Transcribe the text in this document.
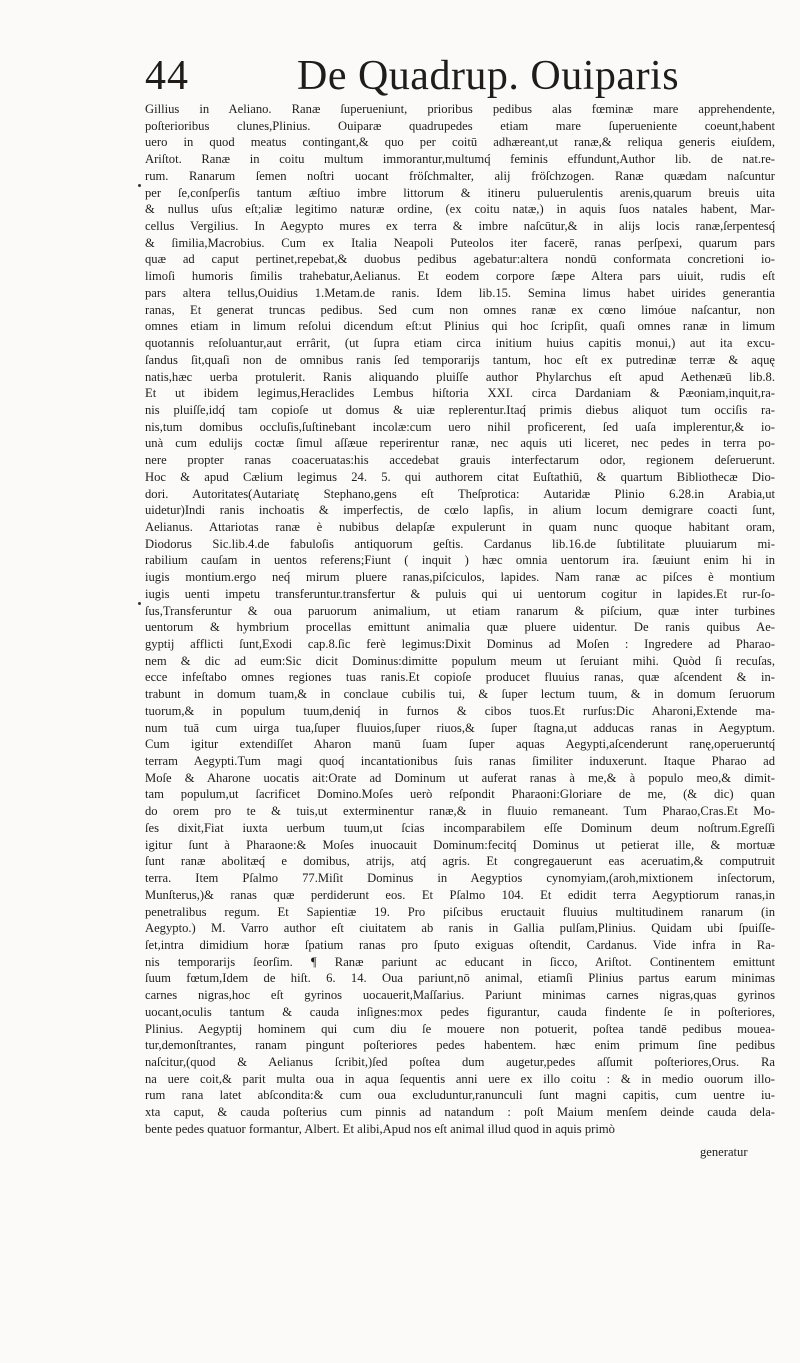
44	De Quadrup. Ouiparis
Gillius in Aeliano. Ranæ ſuperueniunt, prioribus pedibus alas fœminæ mare apprehendente,
poſterioribus clunes,Plinius. Ouiparæ quadrupedes etiam mare ſuperueniente coeunt,habent
uero in quod meatus contingant,& quo per coitū adhæreant,ut ranæ,& reliqua generis eiuſdem,
Ariſtot. Ranæ in coitu multum immorantur,multumq́ feminis effundunt,Author lib. de nat.re-
rum. Ranarum ſemen noſtri uocant fröſchmalter, alij fröſchzogen. Ranæ quædam naſcuntur
per ſe,conſperſis tantum æſtiuo imbre littorum & itineru puluerulentis arenis,quarum breuis uita
& nullus uſus eſt;aliæ legitimo naturæ ordine, (ex coitu natæ,) in aquis ſuos natales habent, Mar-
cellus Vergilius. In Aegypto mures ex terra & imbre naſcūtur,& in alijs locis ranæ,ſerpentesq́
& ſimilia,Macrobius. Cum ex Italia Neapoli Puteolos iter facerē, ranas perſpexi, quarum pars
quæ ad caput pertinet,repebat,& duobus pedibus agebatur:altera nondū conformata concretioni io-
limoſi humoris ſimilis trahebatur,Aelianus. Et eodem corpore ſæpe Altera pars uiuit, rudis eſt
pars altera tellus,Ouidius 1.Metam.de ranis. Idem lib.15. Semina limus habet uirides generantia
ranas, Et generat truncas pedibus. Sed cum non omnes ranæ ex cœno limóue naſcantur, non
omnes etiam in limum reſolui dicendum eſt:ut Plinius qui hoc ſcripſit, quaſi omnes ranæ in limum
quotannis reſoluantur,aut errârit, (ut ſupra etiam circa initium huius capitis monui,) aut ita excu-
ſandus ſit,quaſi non de omnibus ranis ſed temporarijs tantum, hoc eſt ex putredinæ terræ & aquę
natis,hæc uerba protulerit. Ranis aliquando pluiſſe author Phylarchus eſt apud Aethenæū lib.8.
Et ut ibidem legimus,Heraclides Lembus hiſtoria XXI. circa Dardaniam & Pæoniam,inquit,ra-
nis pluiſſe,idq́ tam copioſe ut domus & uiæ replerentur.Itaq́ primis diebus aliquot tum occiſis ra-
nis,tum domibus occluſis,ſuſtinebant incolæ:cum uero nihil proficerent, ſed uaſa implerentur,& io-
unà cum edulijs coctæ ſimul aſſæue reperirentur ranæ, nec aquis uti liceret, nec pedes in terra po-
nere propter ranas coaceruatas:his accedebat grauis interfectarum odor, regionem deſeruerunt.
Hoc & apud Cælium legimus 24. 5. qui authorem citat Euſtathiū, & quartum Bibliothecæ Dio-
dori. Autoritates(Autariatę Stephano,gens eſt Theſprotica: Autaridæ Plinio 6.28.in Arabia,ut
uidetur)Indi ranis inchoatis & imperfectis, de cœlo lapſis, in alium locum demigrare coacti ſunt,
Aelianus. Attariotas ranæ è nubibus delapſæ expulerunt in quam nunc quoque habitant oram,
Diodorus Sic.lib.4.de fabuloſis antiquorum geſtis. Cardanus lib.16.de ſubtilitate pluuiarum mi-
rabilium cauſam in uentos referens;Fiunt ( inquit ) hæc omnia uentorum ira. ſæuiunt enim hi in
iugis montium.ergo neq́ mirum pluere ranas,piſciculos, lapides. Nam ranæ ac piſces è montium
iugis uenti impetu transferuntur.transfertur & puluis qui ui uentorum cogitur in lapides.Et rur-ſo-
ſus,Transferuntur & oua paruorum animalium, ut etiam ranarum & piſcium, quæ inter turbines
uentorum & hymbrium procellas emittunt animalia quæ pluere uidentur. De ranis quibus Ae-
gyptij afflicti ſunt,Exodi cap.8.ſic ferè legimus:Dixit Dominus ad Moſen : Ingredere ad Pharao-
nem & dic ad eum:Sic dicit Dominus:dimitte populum meum ut ſeruiant mihi. Quòd ſi recuſas,
ecce infeſtabo omnes regiones tuas ranis.Et copioſe producet fluuius ranas, quæ aſcendent & in-
trabunt in domum tuam,& in conclaue cubilis tui, & ſuper lectum tuum, & in domum ſeruorum
tuorum,& in populum tuum,deniq́ in furnos & cibos tuos.Et rurſus:Dic Aharoni,Extende ma-
num tuā cum uirga tua,ſuper fluuios,ſuper riuos,& ſuper ſtagna,ut adducas ranas in Aegyptum.
Cum igitur extendiſſet Aharon manū ſuam ſuper aquas Aegypti,aſcenderunt ranę,operueruntq́
terram Aegypti.Tum magi quoq́ incantationibus ſuis ranas ſimiliter induxerunt. Itaque Pharao ad
Moſe & Aharone uocatis ait:Orate ad Dominum ut auferat ranas à me,& à populo meo,& dimit-
tam populum,ut ſacrificet Domino.Moſes uerò reſpondit Pharaoni:Gloriare de me, (& dic) quan
do orem pro te & tuis,ut exterminentur ranæ,& in fluuio remaneant. Tum Pharao,Cras.Et Mo-
ſes dixit,Fiat iuxta uerbum tuum,ut ſcias incomparabilem eſſe Dominum deum noſtrum.Egreſſi
igitur ſunt à Pharaone:& Moſes inuocauit Dominum:fecitq́ Dominus ut petierat ille, & mortuæ
ſunt ranæ abolitæq́ e domibus, atrijs, atq́ agris. Et congregauerunt eas aceruatim,& computruit
terra. Item Pſalmo 77.Miſit Dominus in Aegyptios cynomyiam,(aroh,mixtionem inſectorum,
Munſterus,)& ranas quæ perdiderunt eos. Et Pſalmo 104. Et edidit terra Aegyptiorum ranas,in
penetralibus regum. Et Sapientiæ 19. Pro piſcibus eructauit fluuius multitudinem ranarum (in
Aegypto.) M. Varro author eſt ciuitatem ab ranis in Gallia pulſam,Plinius. Quidam ubi ſpuiſſe-
ſet,intra dimidium horæ ſpatium ranas pro ſputo exiguas oſtendit, Cardanus. Vide infra in Ra-
nis temporarijs ſeorſim. ¶ Ranæ pariunt ac educant in ſicco, Ariſtot. Continentem emittunt
ſuum fœtum,Idem de hiſt. 6. 14. Oua pariunt,nō animal, etiamſi Plinius partus earum minimas
carnes nigras,hoc eſt gyrinos uocauerit,Maſſarius. Pariunt minimas carnes nigras,quas gyrinos
uocant,oculis tantum & cauda inſignes:mox pedes figurantur, cauda findente ſe in poſteriores,
Plinius. Aegyptij hominem qui cum diu ſe mouere non potuerit, poſtea tandē pedibus mouea-
tur,demonſtrantes, ranam pingunt poſteriores pedes habentem. hæc enim primum ſine pedibus
naſcitur,(quod & Aelianus ſcribit,)ſed poſtea dum augetur,pedes aſſumit poſteriores,Orus. Ra
na uere coit,& parit multa oua in aqua ſequentis anni uere ex illo coitu : & in medio ouorum illo-
rum rana latet abſcondita:& cum oua excluduntur,ranunculi ſunt magni capitis, cum uentre iu-
xta caput, & cauda poſterius cum pinnis ad natandum : poſt Maium menſem deinde cauda dela-
bente pedes quatuor formantur, Albert. Et alibi,Apud nos eſt animal illud quod in aquis primò
generatur
